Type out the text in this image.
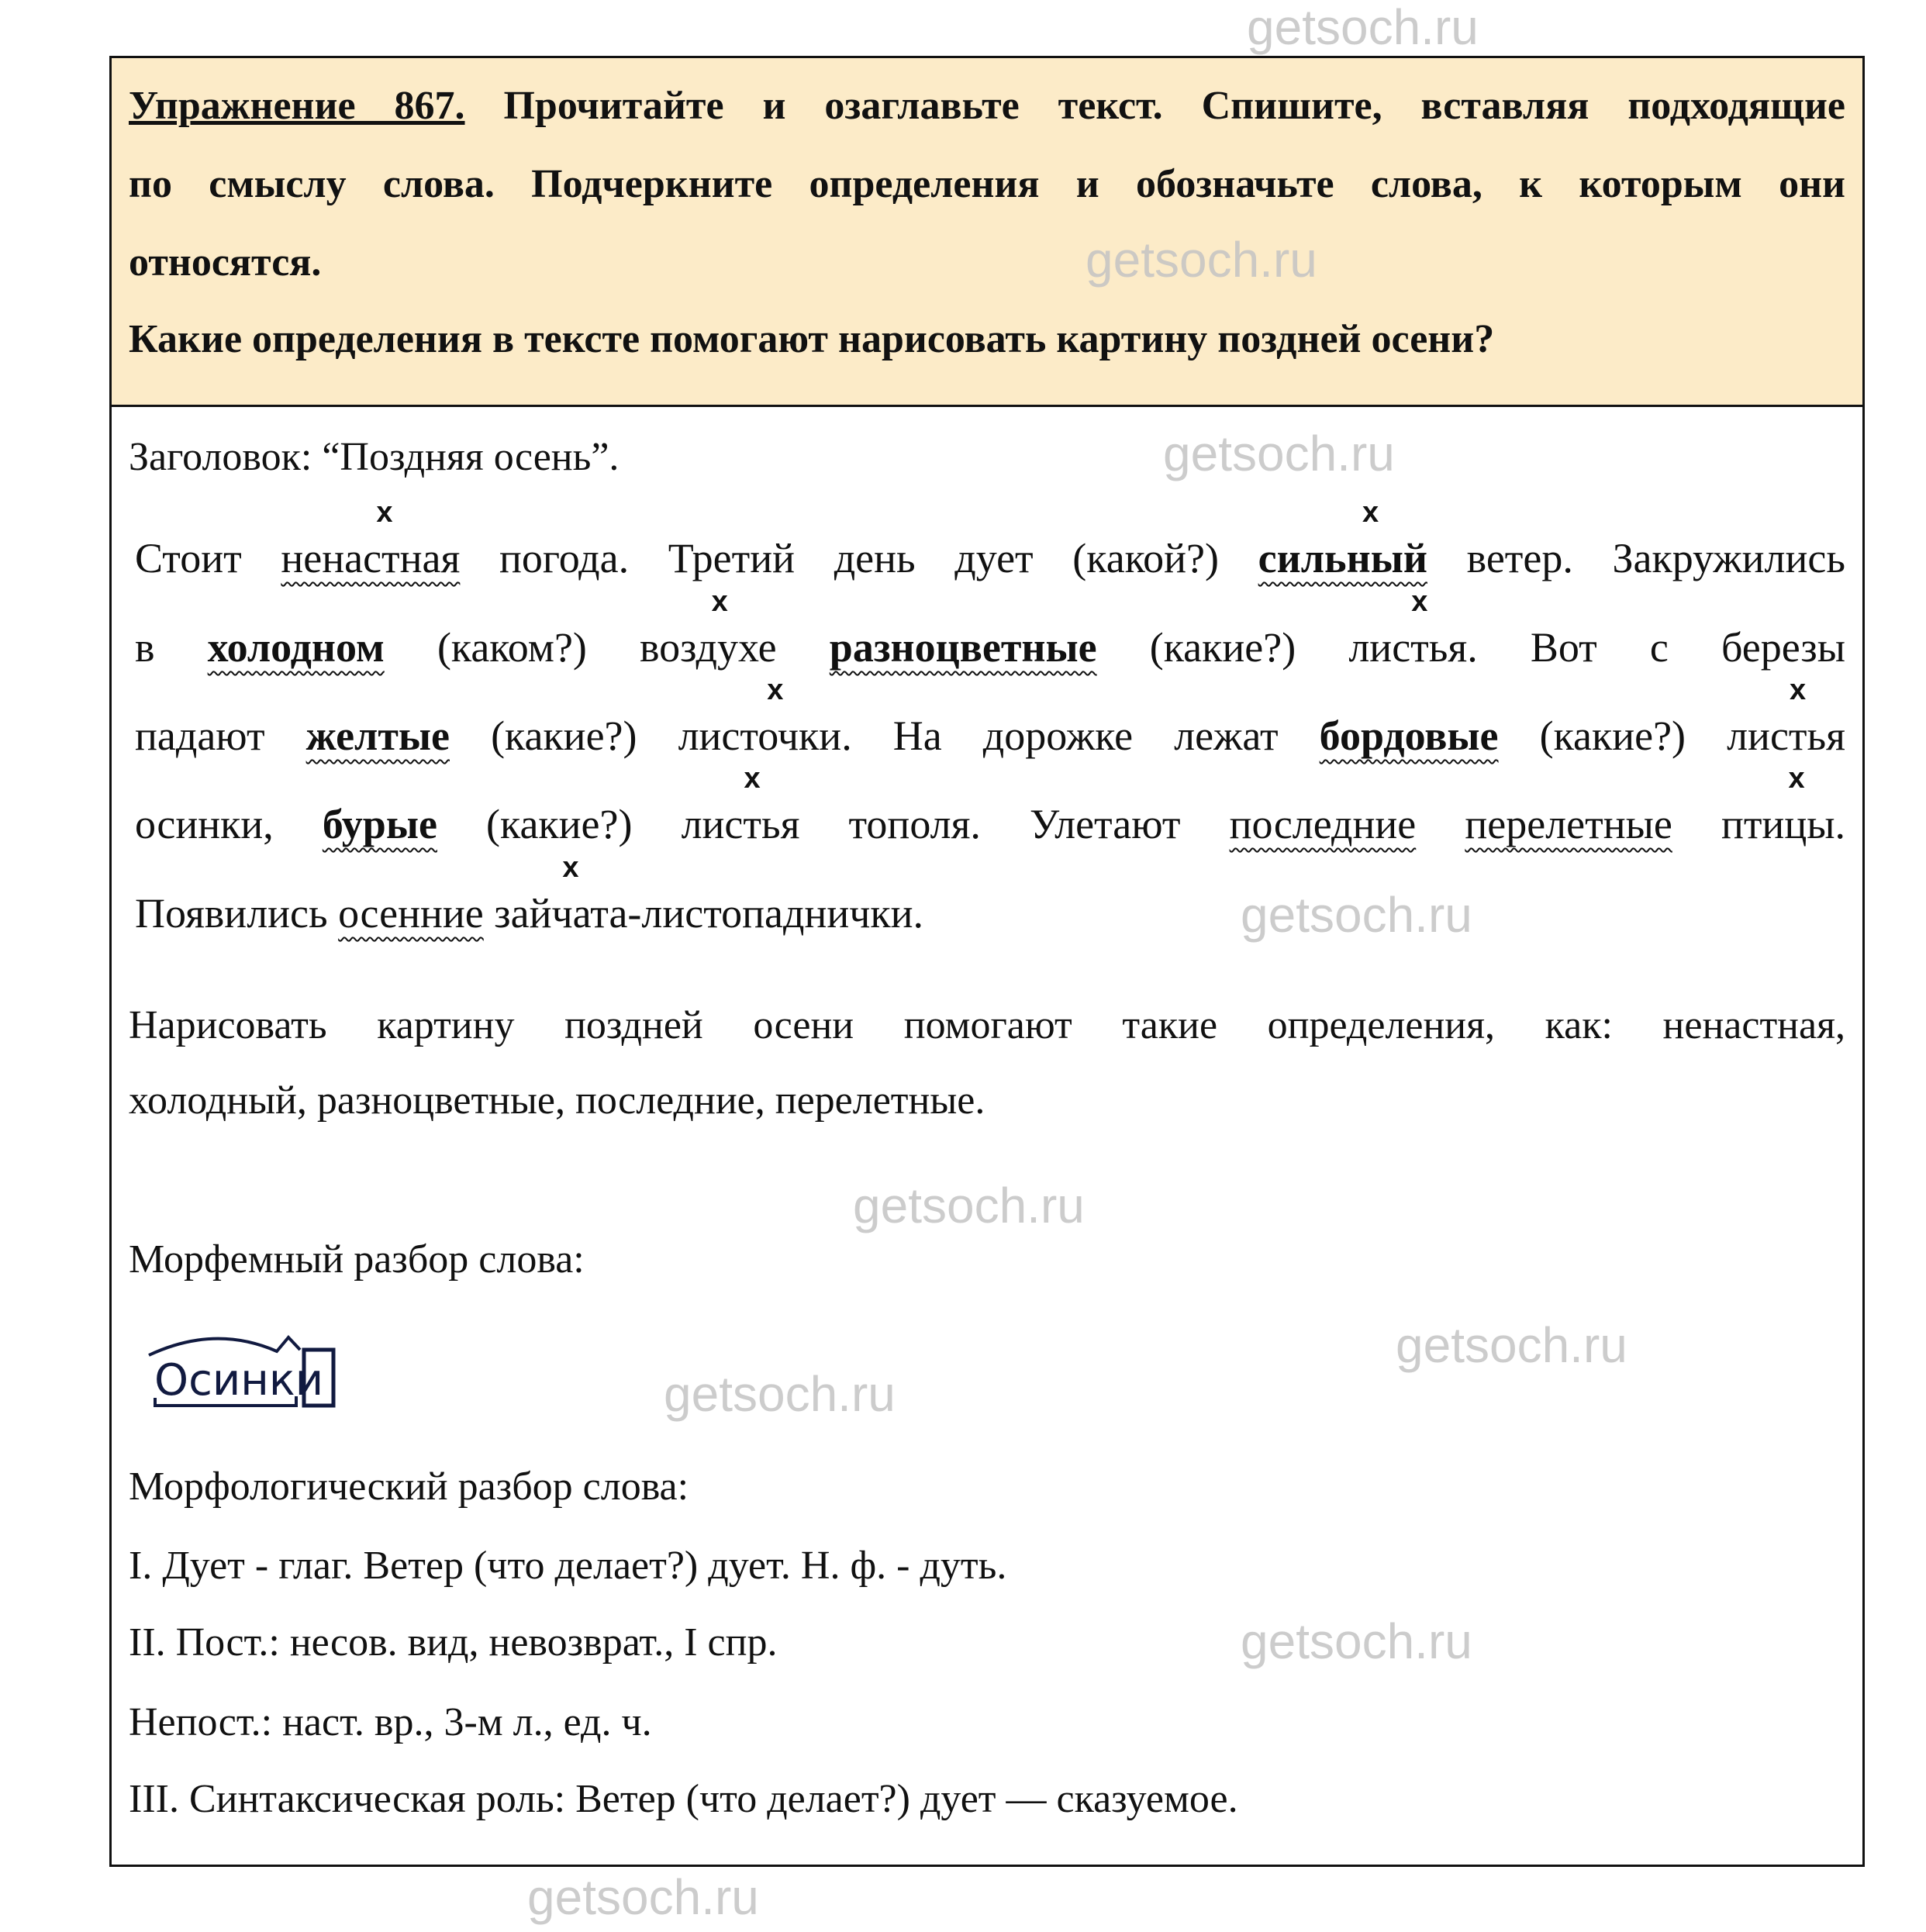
Упражнение 867. Прочитайте и озаглавьте текст. Спишите, вставляя подходящие
по смыслу слова. Подчеркните определения и обозначьте слова, к которым они
относятся.
Какие определения в тексте помогают нарисовать картину поздней осени?
Заголовок: “Поздняя осень”.
Стоит ненастная
x
погода. Третий день дует (какой?) сильный
x
ветер. Закружились
в холодном (каком?) воздухе
x
разноцветные (какие?) листья
x
. Вот с березы
падают желтые (какие?) листочки
x
. На дорожке лежат бордовые (какие?) листья
x
осинки, бурые (какие?) листья
x
тополя. Улетают последние перелетные птицы
x
.
Появились осенние зайчата
x
-листопаднички.
Нарисовать картину поздней осени помогают такие определения, как: ненастная,
холодный, разноцветные, последние, перелетные.
Морфемный разбор слова:
Осинки
Морфологический разбор слова:
I. Дует - глаг. Ветер (что делает?) дует. Н. ф. - дуть.
II. Пост.: несов. вид, невозврат., I спр.
Непост.: наст. вр., 3-м л., ед. ч.
III. Синтаксическая роль: Ветер (что делает?) дует — сказуемое.
getsoch.ru
getsoch.ru
getsoch.ru
getsoch.ru
getsoch.ru
getsoch.ru
getsoch.ru
getsoch.ru
getsoch.ru
